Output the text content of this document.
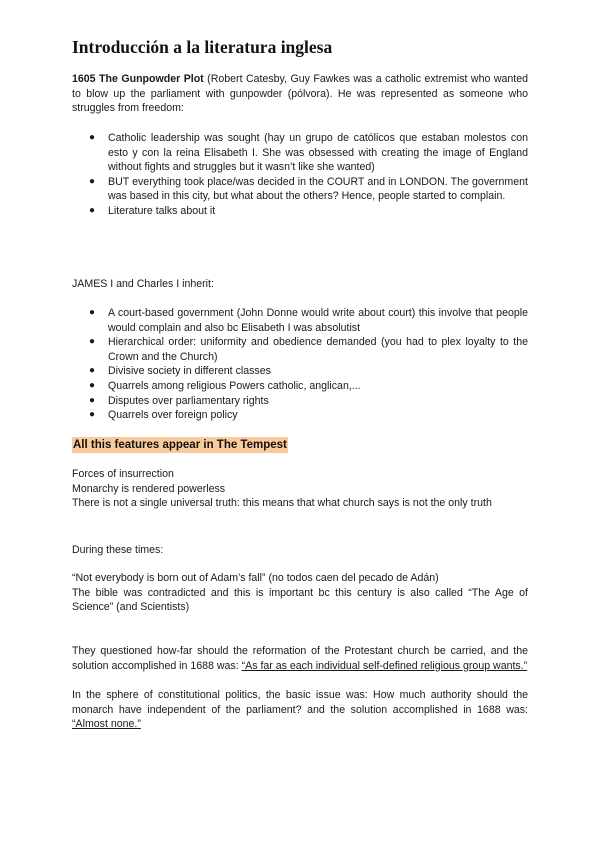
Introducción a la literatura inglesa
1605 The Gunpowder Plot (Robert Catesby, Guy Fawkes was a catholic extremist who wanted to blow up the parliament with gunpowder (pólvora). He was represented as someone who struggles from freedom:
● Catholic leadership was sought (hay un grupo de católicos que estaban molestos con esto y con la reina Elisabeth I. She was obsessed with creating the image of England without fights and struggles but it wasn’t like she wanted)
● BUT everything took place/was decided in the COURT and in LONDON. The government was based in this city, but what about the others? Hence, people started to complain.
● Literature talks about it
JAMES I and Charles I inherit:
● A court-based government (John Donne would write about court) this involve that people would complain and also bc Elisabeth I was absolutist
● Hierarchical order: uniformity and obedience demanded (you had to plex loyalty to the Crown and the Church)
● Divisive society in different classes
● Quarrels among religious Powers catholic, anglican,...
● Disputes over parliamentary rights
● Quarrels over foreign policy
All this features appear in The Tempest

Forces of insurrection

Monarchy is rendered powerless

There is not a single universal truth: this means that what church says is not the only truth

During these times:

“Not everybody is born out of Adam’s fall” (no todos caen del pecado de Adán)

The bible was contradicted and this is important bc this century is also called “The Age of Science” (and Scientists)

They questioned how-far should the reformation of the Protestant church be carried, and the solution accomplished in 1688 was: “As far as each individual self-defined religious group wants.”
In the sphere of constitutional politics, the basic issue was: How much authority should the monarch have independent of the parliament? and the solution accomplished in 1688 was: “Almost none.”
